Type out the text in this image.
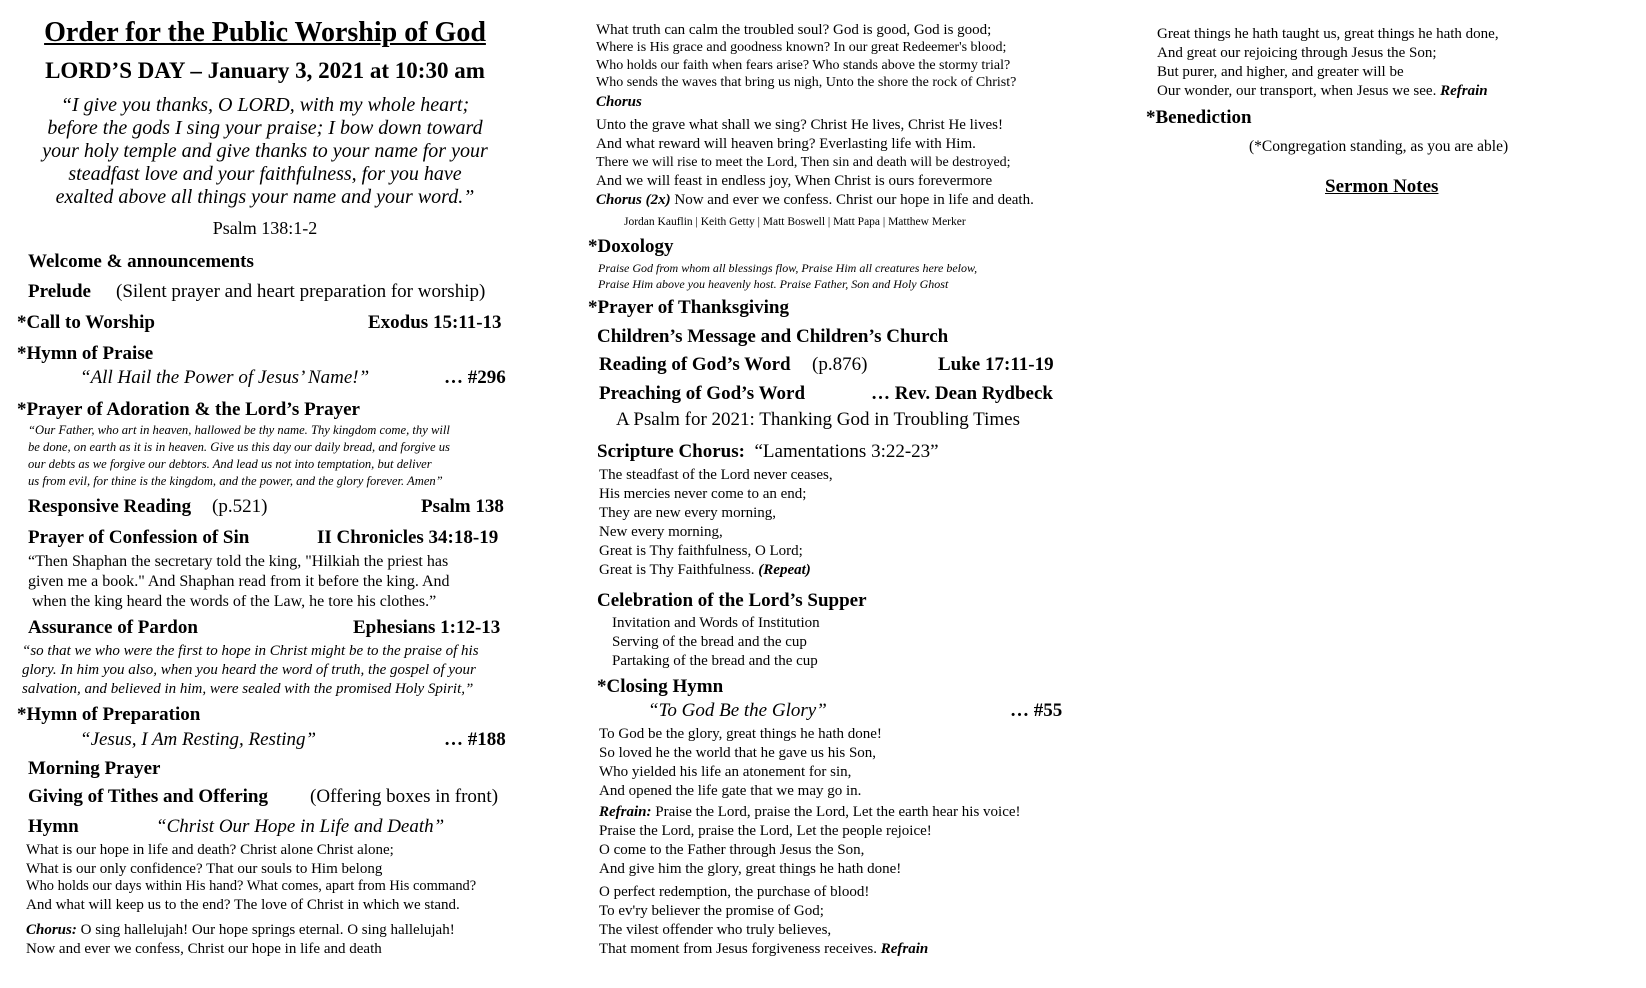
Order for the Public Worship of God
LORD’S DAY – January 3, 2021 at 10:30 am
“I give you thanks, O LORD, with my whole heart;
before the gods I sing your praise; I bow down toward
your holy temple and give thanks to your name for your
steadfast love and your faithfulness, for you have
exalted above all things your name and your word.”
Psalm 138:1-2
Welcome & announcements
Prelude (Silent prayer and heart preparation for worship)
*Call to Worship	Exodus 15:11-13
*Hymn of Praise
“All Hail the Power of Jesus’ Name!”	… #296
*Prayer of Adoration & the Lord’s Prayer
“Our Father, who art in heaven, hallowed be thy name. Thy kingdom come, thy will
be done, on earth as it is in heaven. Give us this day our daily bread, and forgive us
our debts as we forgive our debtors. And lead us not into temptation, but deliver
us from evil, for thine is the kingdom, and the power, and the glory forever. Amen”
Responsive Reading (p.521)	Psalm 138
Prayer of Confession of Sin	II Chronicles 34:18-19
“Then Shaphan the secretary told the king, "Hilkiah the priest has
given me a book." And Shaphan read from it before the king. And
when the king heard the words of the Law, he tore his clothes.”
Assurance of Pardon	Ephesians 1:12-13
“so that we who were the first to hope in Christ might be to the praise of his
glory. In him you also, when you heard the word of truth, the gospel of your
salvation, and believed in him, were sealed with the promised Holy Spirit,”
*Hymn of Preparation
“Jesus, I Am Resting, Resting”	… #188
Morning Prayer
Giving of Tithes and Offering (Offering boxes in front)
Hymn	“Christ Our Hope in Life and Death”
What is our hope in life and death? Christ alone Christ alone;
What is our only confidence? That our souls to Him belong
Who holds our days within His hand? What comes, apart from His command?
And what will keep us to the end? The love of Christ in which we stand.
Chorus: O sing hallelujah! Our hope springs eternal. O sing hallelujah!
Now and ever we confess, Christ our hope in life and death
What truth can calm the troubled soul? God is good, God is good;
Where is His grace and goodness known? In our great Redeemer's blood;
Who holds our faith when fears arise? Who stands above the stormy trial?
Who sends the waves that bring us nigh, Unto the shore the rock of Christ?
Chorus
Unto the grave what shall we sing? Christ He lives, Christ He lives!
And what reward will heaven bring? Everlasting life with Him.
There we will rise to meet the Lord, Then sin and death will be destroyed;
And we will feast in endless joy, When Christ is ours forevermore
Chorus (2x) Now and ever we confess. Christ our hope in life and death.
Jordan Kauflin | Keith Getty | Matt Boswell | Matt Papa | Matthew Merker
*Doxology
Praise God from whom all blessings flow, Praise Him all creatures here below,
Praise Him above you heavenly host. Praise Father, Son and Holy Ghost
*Prayer of Thanksgiving
Children’s Message and Children’s Church
Reading of God’s Word (p.876)	Luke 17:11-19
Preaching of God’s Word	… Rev. Dean Rydbeck
A Psalm for 2021: Thanking God in Troubling Times
Scripture Chorus: “Lamentations 3:22-23”
The steadfast of the Lord never ceases,
His mercies never come to an end;
They are new every morning,
New every morning,
Great is Thy faithfulness, O Lord;
Great is Thy Faithfulness. (Repeat)
Celebration of the Lord’s Supper
Invitation and Words of Institution
Serving of the bread and the cup
Partaking of the bread and the cup
*Closing Hymn
“To God Be the Glory”	… #55
To God be the glory, great things he hath done!
So loved he the world that he gave us his Son,
Who yielded his life an atonement for sin,
And opened the life gate that we may go in.
Refrain: Praise the Lord, praise the Lord, Let the earth hear his voice!
Praise the Lord, praise the Lord, Let the people rejoice!
O come to the Father through Jesus the Son,
And give him the glory, great things he hath done!
O perfect redemption, the purchase of blood!
To ev'ry believer the promise of God;
The vilest offender who truly believes,
That moment from Jesus forgiveness receives. Refrain
Great things he hath taught us, great things he hath done,
And great our rejoicing through Jesus the Son;
But purer, and higher, and greater will be
Our wonder, our transport, when Jesus we see. Refrain
*Benediction
(*Congregation standing, as you are able)
Sermon Notes
